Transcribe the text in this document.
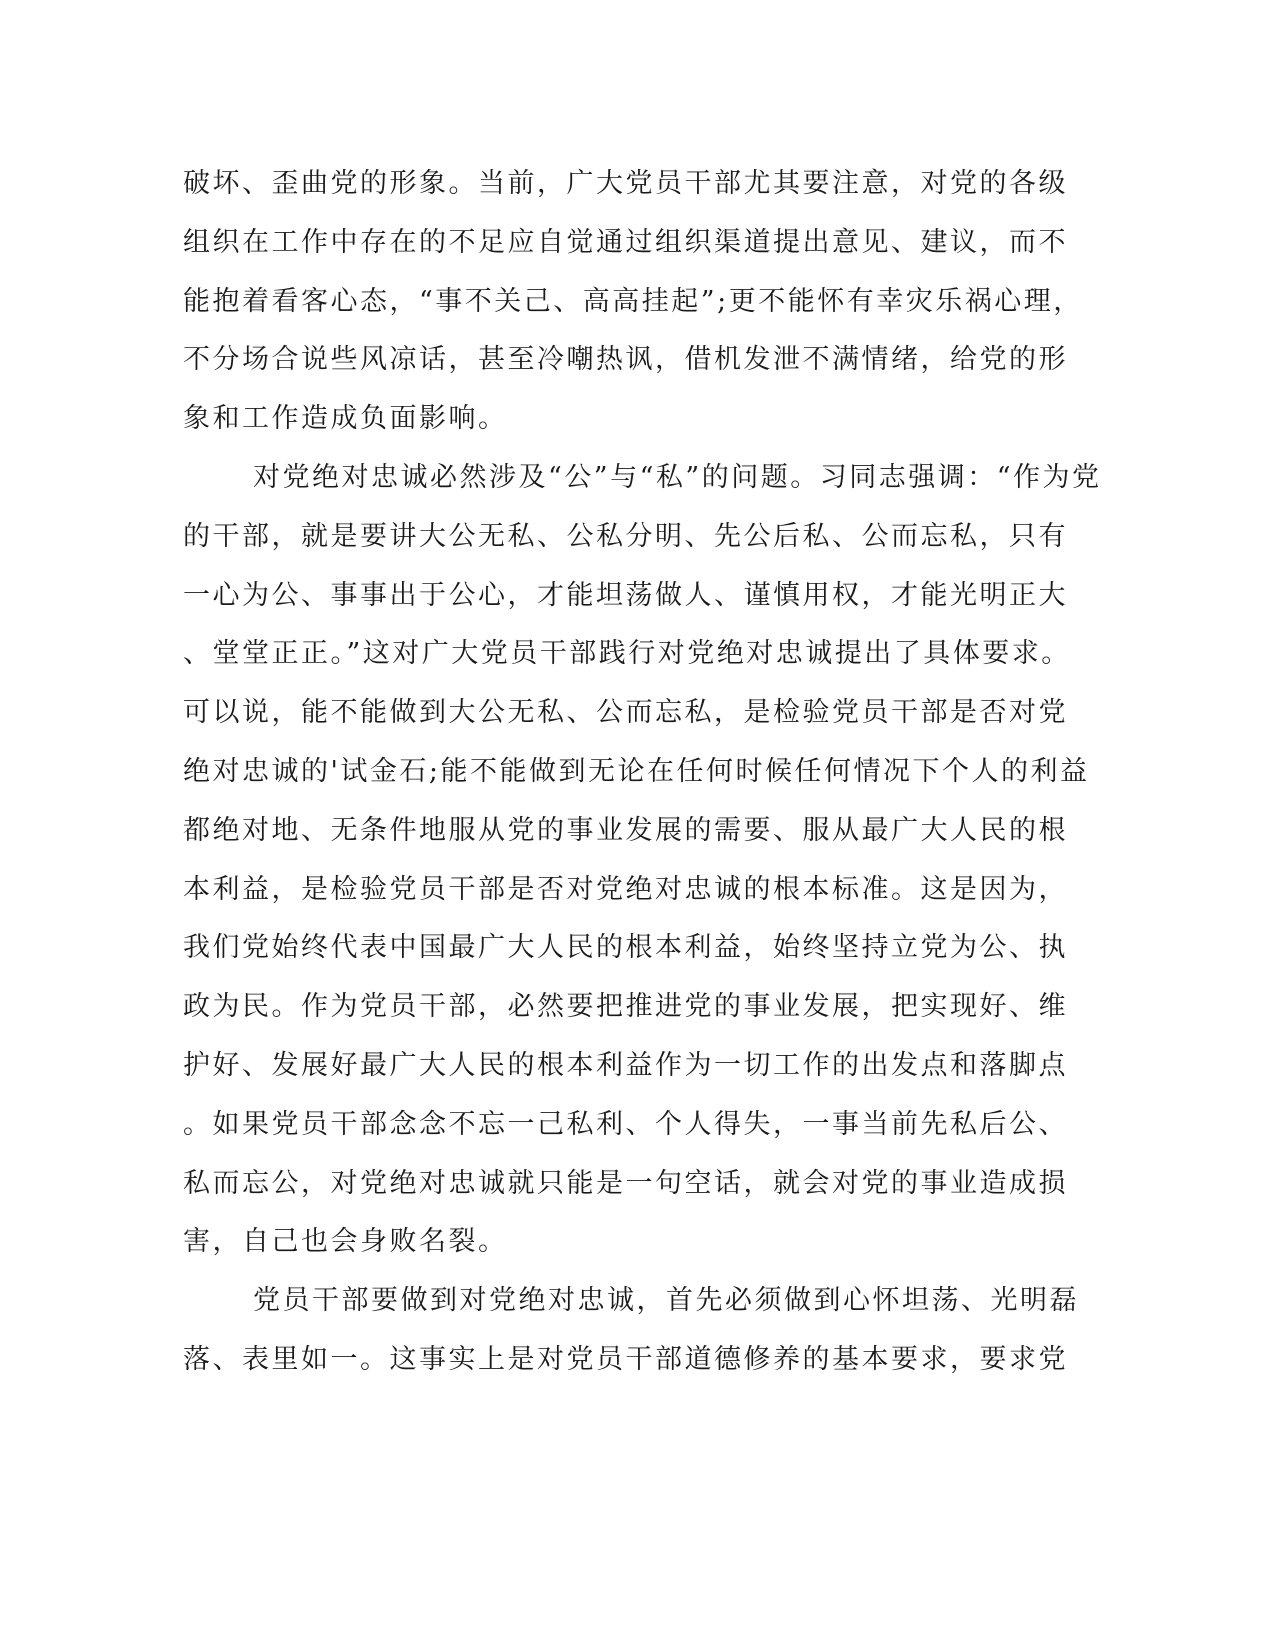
破坏、歪曲党的形象。当前，广大党员干部尤其要注意，对党的各级
组织在工作中存在的不足应自觉通过组织渠道提出意见、建议，而不
能抱着看客心态，“事不关己、高高挂起”;更不能怀有幸灾乐祸心理，
不分场合说些风凉话，甚至冷嘲热讽，借机发泄不满情绪，给党的形
象和工作造成负面影响。
对党绝对忠诚必然涉及“公”与“私”的问题。习同志强调：“作为党
的干部，就是要讲大公无私、公私分明、先公后私、公而忘私，只有
一心为公、事事出于公心，才能坦荡做人、谨慎用权，才能光明正大
、堂堂正正。”这对广大党员干部践行对党绝对忠诚提出了具体要求。
可以说，能不能做到大公无私、公而忘私，是检验党员干部是否对党
绝对忠诚的'试金石;能不能做到无论在任何时候任何情况下个人的利益
都绝对地、无条件地服从党的事业发展的需要、服从最广大人民的根
本利益，是检验党员干部是否对党绝对忠诚的根本标准。这是因为，
我们党始终代表中国最广大人民的根本利益，始终坚持立党为公、执
政为民。作为党员干部，必然要把推进党的事业发展，把实现好、维
护好、发展好最广大人民的根本利益作为一切工作的出发点和落脚点
。如果党员干部念念不忘一己私利、个人得失，一事当前先私后公、
私而忘公，对党绝对忠诚就只能是一句空话，就会对党的事业造成损
害，自己也会身败名裂。
党员干部要做到对党绝对忠诚，首先必须做到心怀坦荡、光明磊
落、表里如一。这事实上是对党员干部道德修养的基本要求，要求党
